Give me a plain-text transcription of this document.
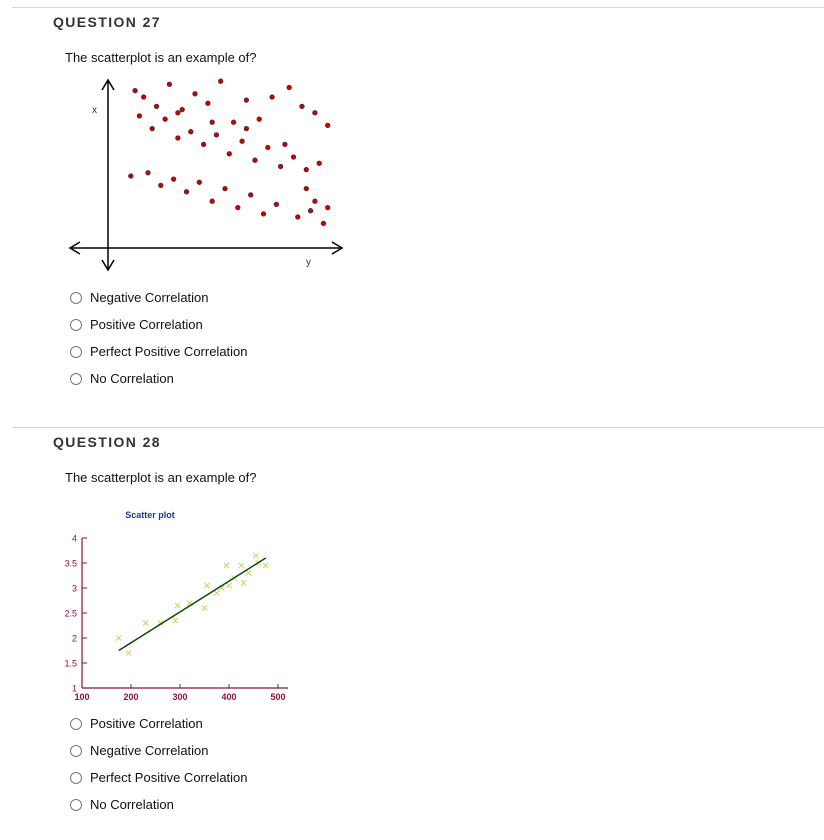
QUESTION 27
The scatterplot is an example of?
x
y
Negative Correlation
Positive Correlation
Perfect Positive Correlation
No Correlation
QUESTION 28
The scatterplot is an example of?
Scatter plot
1
1.5
2
2.5
3
3.5
4
100	200	300	400	500
Positive Correlation
Negative Correlation
Perfect Positive Correlation
No Correlation
